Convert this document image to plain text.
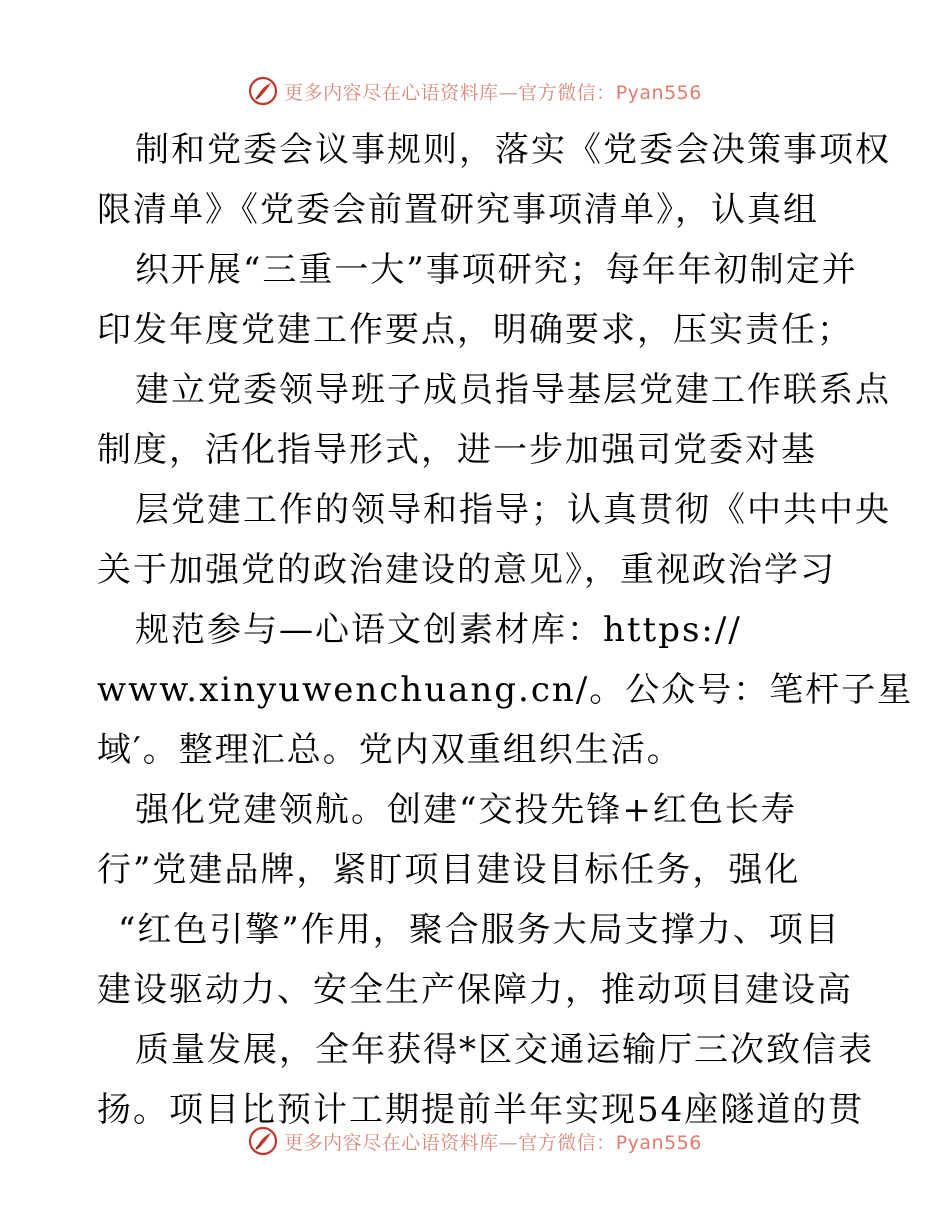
更多内容尽在心语资料库—官方微信：Pyan556
制和党委会议事规则，落实《党委会决策事项权
限清单》《党委会前置研究事项清单》，认真组
织开展“三重一大”事项研究；每年年初制定并
印发年度党建工作要点，明确要求，压实责任；
建立党委领导班子成员指导基层党建工作联系点
制度，活化指导形式，进一步加强司党委对基
层党建工作的领导和指导；认真贯彻《中共中央
关于加强党的政治建设的意见》，重视政治学习
规范参与—心语文创素材库：https://
www.xinyuwenchuang.cn/。公众号：笔杆子星
域′。整理汇总。党内双重组织生活。
强化党建领航。创建“交投先锋+红色长寿
行”党建品牌，紧盯项目建设目标任务，强化
“红色引擎”作用，聚合服务大局支撑力、项目
建设驱动力、安全生产保障力，推动项目建设高
质量发展，全年获得*区交通运输厅三次致信表
扬。项目比预计工期提前半年实现54座隧道的贯
更多内容尽在心语资料库—官方微信：Pyan556
